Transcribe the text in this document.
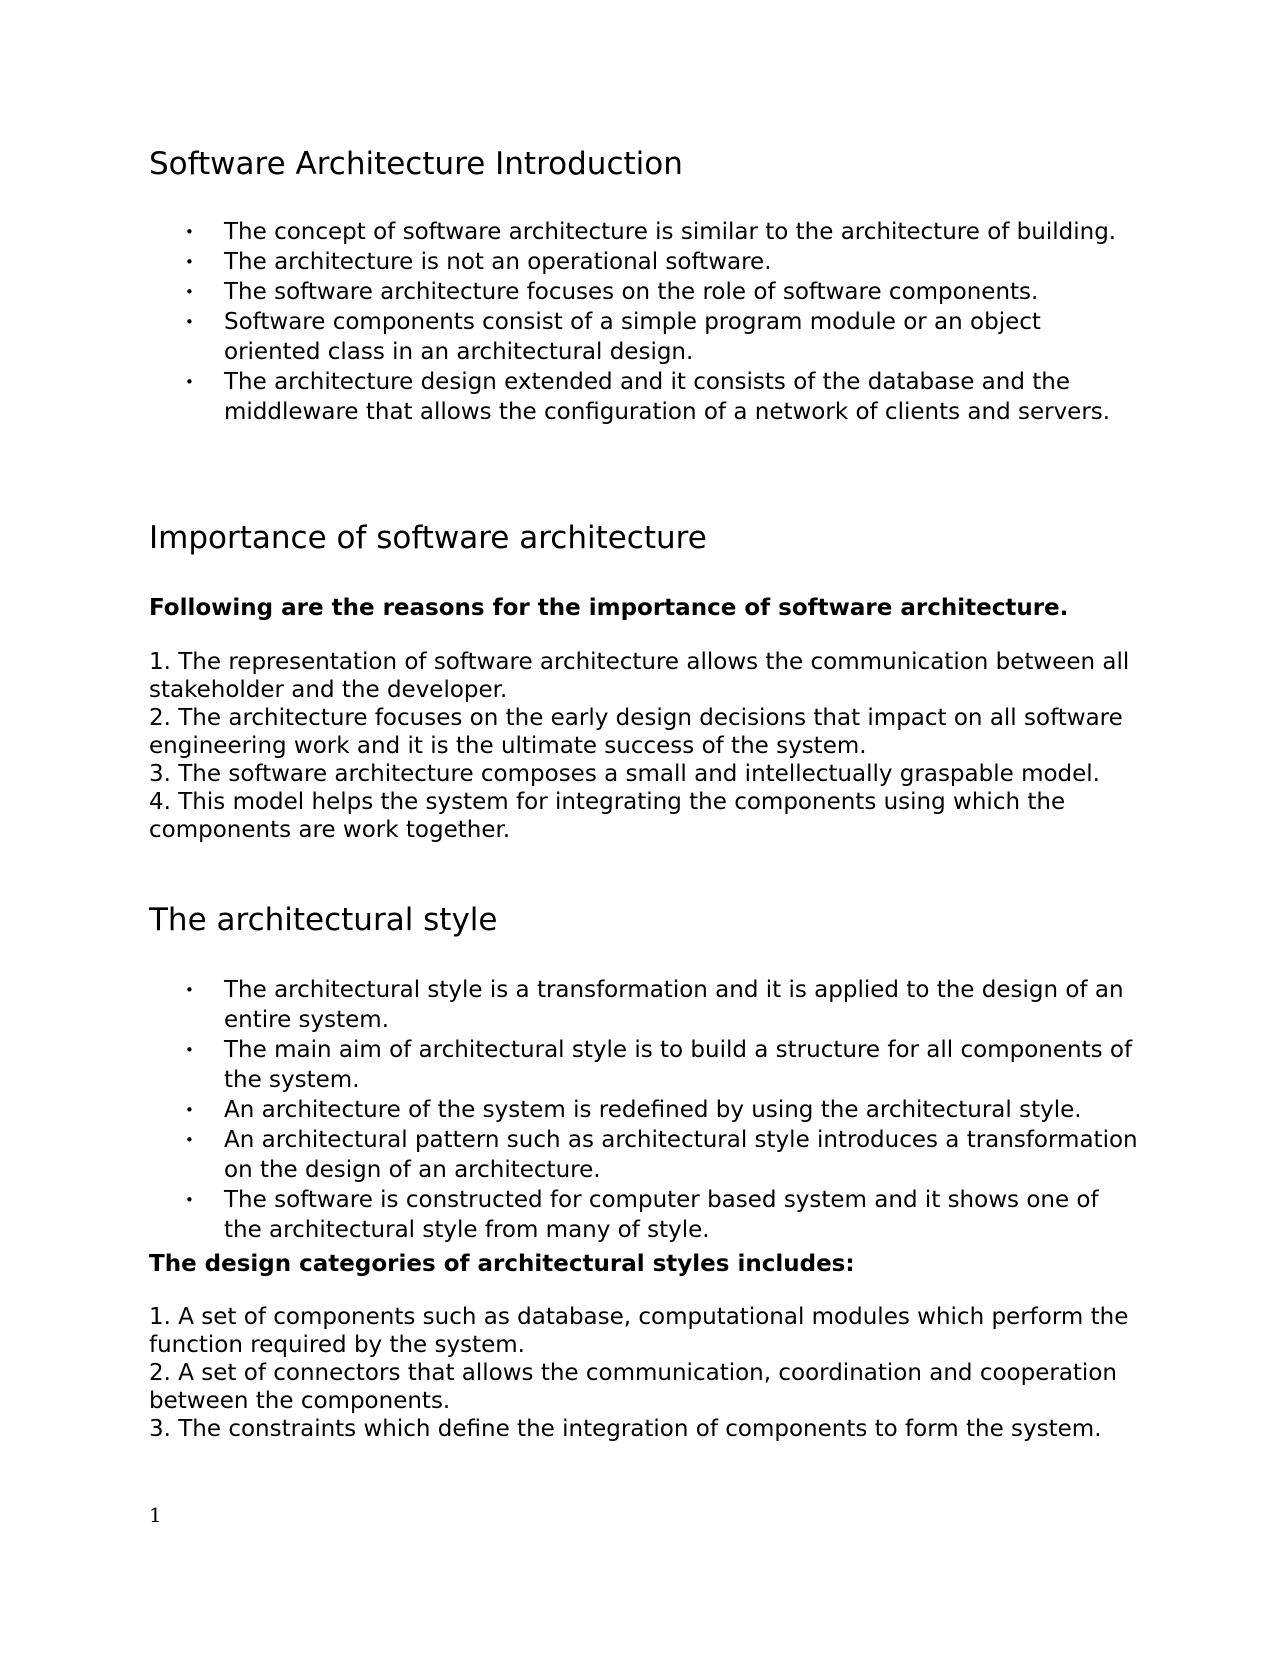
Software Architecture Introduction
• The concept of software architecture is similar to the architecture of building.
• The architecture is not an operational software.
• The software architecture focuses on the role of software components.
• Software components consist of a simple program module or an object oriented class in an architectural design.
• The architecture design extended and it consists of the database and the middleware that allows the configuration of a network of clients and servers.
Importance of software architecture

Following are the reasons for the importance of software architecture.

1. The representation of software architecture allows the communication between all stakeholder and the developer.
2. The architecture focuses on the early design decisions that impact on all software engineering work and it is the ultimate success of the system.
3. The software architecture composes a small and intellectually graspable model.
4. This model helps the system for integrating the components using which the components are work together.
The architectural style
• The architectural style is a transformation and it is applied to the design of an entire system.
• The main aim of architectural style is to build a structure for all components of the system.
• An architecture of the system is redefined by using the architectural style.
• An architectural pattern such as architectural style introduces a transformation on the design of an architecture.
• The software is constructed for computer based system and it shows one of the architectural style from many of style.

The design categories of architectural styles includes:

1. A set of components such as database, computational modules which perform the function required by the system.
2. A set of connectors that allows the communication, coordination and cooperation between the components.
3. The constraints which define the integration of components to form the system.
1
